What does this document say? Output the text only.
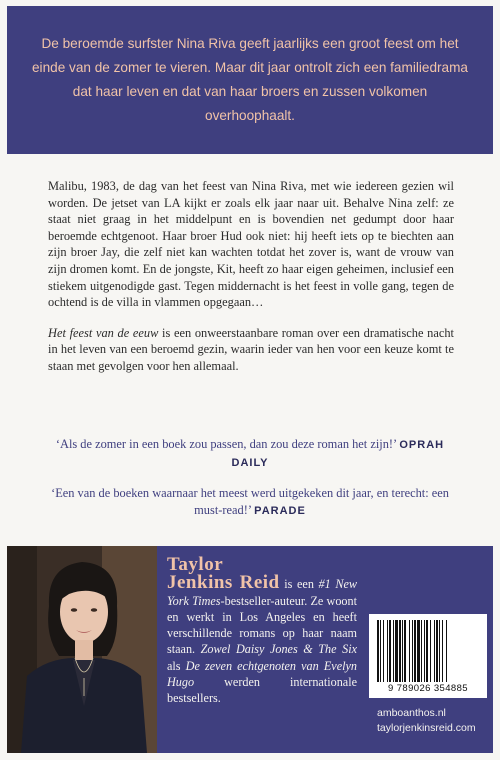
De beroemde surfster Nina Riva geeft jaarlijks een groot feest om het einde van de zomer te vieren. Maar dit jaar ontrolt zich een familiedrama dat haar leven en dat van haar broers en zussen volkomen overhoophaalt.

Malibu, 1983, de dag van het feest van Nina Riva, met wie iedereen gezien wil worden. De jetset van LA kijkt er zoals elk jaar naar uit. Behalve Nina zelf: ze staat niet graag in het middelpunt en is bovendien net gedumpt door haar beroemde echtgenoot. Haar broer Hud ook niet: hij heeft iets op te biechten aan zijn broer Jay, die zelf niet kan wachten totdat het zover is, want de vrouw van zijn dromen komt. En de jongste, Kit, heeft zo haar eigen geheimen, inclusief een stiekem uitgenodigde gast. Tegen middernacht is het feest in volle gang, tegen de ochtend is de villa in vlammen opgegaan…

Het feest van de eeuw is een onweerstaanbare roman over een dramatische nacht in het leven van een beroemd gezin, waarin ieder van hen voor een keuze komt te staan met gevolgen voor hen allemaal.

‘Als de zomer in een boek zou passen, dan zou deze roman het zijn!’ OPRAH DAILY

‘Een van de boeken waarnaar het meest werd uitgekeken dit jaar, en terecht: een must-read!’ PARADE

Taylor
Jenkins Reid is een #1 New York Times-bestseller-auteur. Ze woont en werkt in Los Angeles en heeft verschillende romans op haar naam staan. Zowel Daisy Jones & The Six als De zeven echtgenoten van Evelyn Hugo werden internationale bestsellers.

9 789026 354885
amboanthos.nl
taylorjenkinsreid.com
